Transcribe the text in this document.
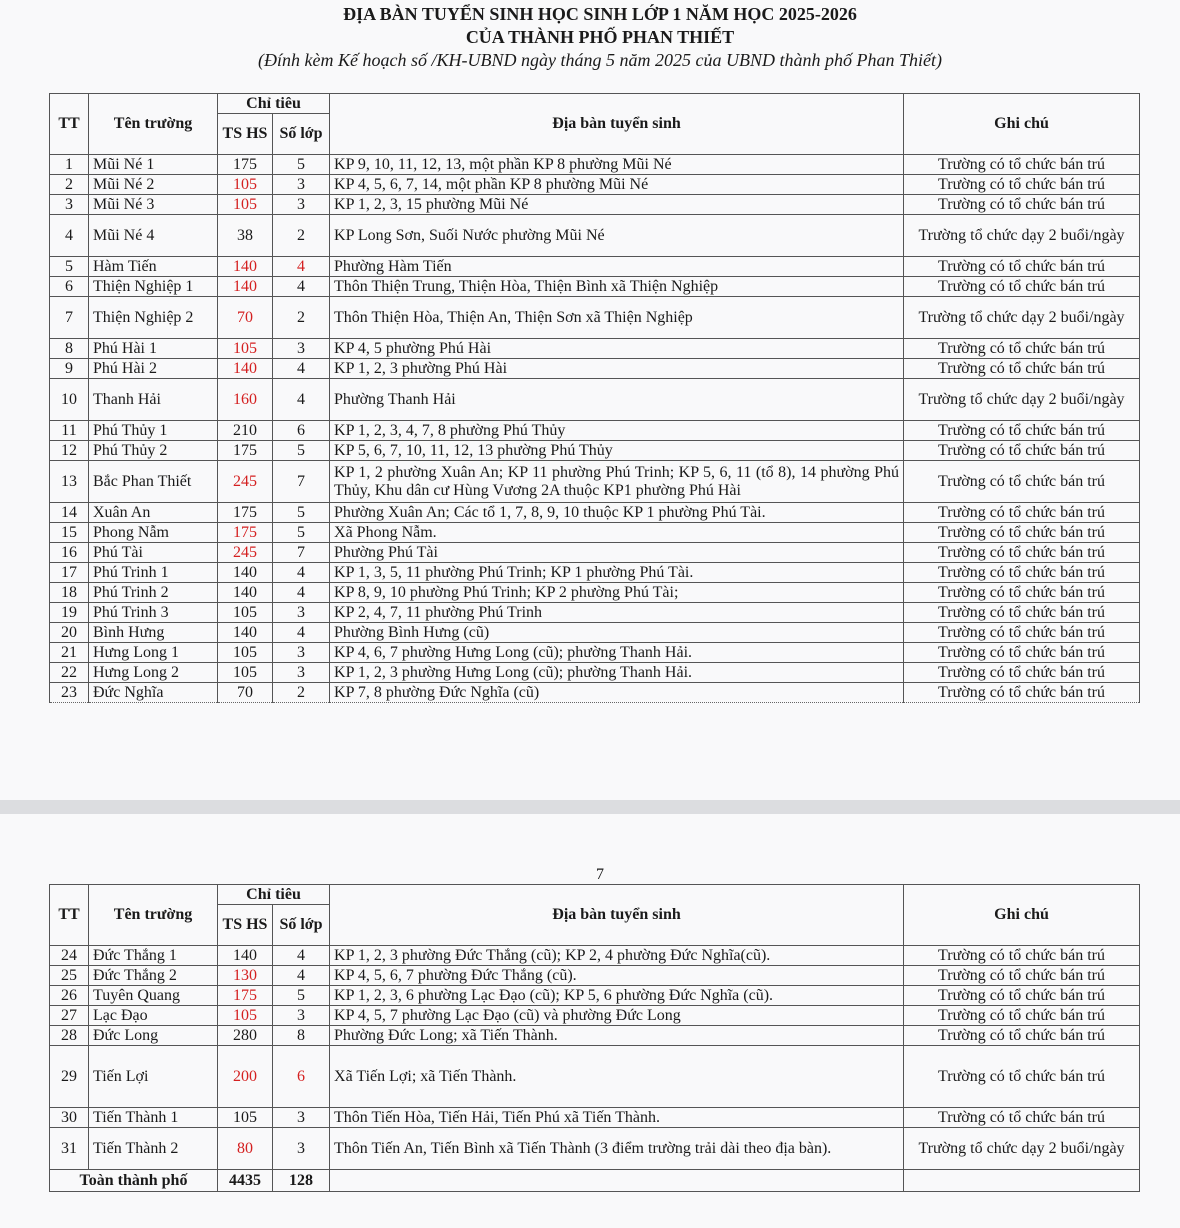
ĐỊA BÀN TUYỂN SINH HỌC SINH LỚP 1 NĂM HỌC 2025-2026
CỦA THÀNH PHỐ PHAN THIẾT
(Đính kèm Kế hoạch số /KH-UBND ngày tháng 5 năm 2025 của UBND thành phố Phan Thiết)
TT	Tên trường	Chỉ tiêu		Địa bàn tuyển sinh	Ghi chú
		TS HS	Số lớp		
1	Mũi Né 1	175	5	KP 9, 10, 11, 12, 13, một phần KP 8 phường Mũi Né	Trường có tổ chức bán trú
2	Mũi Né 2	105	3	KP 4, 5, 6, 7, 14, một phần KP 8 phường Mũi Né	Trường có tổ chức bán trú
3	Mũi Né 3	105	3	KP 1, 2, 3, 15 phường Mũi Né	Trường có tổ chức bán trú
4	Mũi Né 4	38	2	KP Long Sơn, Suối Nước phường Mũi Né	Trường tổ chức dạy 2 buổi/ngày
5	Hàm Tiến	140	4	Phường Hàm Tiến	Trường có tổ chức bán trú
6	Thiện Nghiệp 1	140	4	Thôn Thiện Trung, Thiện Hòa, Thiện Bình xã Thiện Nghiệp	Trường có tổ chức bán trú
7	Thiện Nghiệp 2	70	2	Thôn Thiện Hòa, Thiện An, Thiện Sơn xã Thiện Nghiệp	Trường tổ chức dạy 2 buổi/ngày
8	Phú Hài 1	105	3	KP 4, 5 phường Phú Hài	Trường có tổ chức bán trú
9	Phú Hài 2	140	4	KP 1, 2, 3 phường Phú Hài	Trường có tổ chức bán trú
10	Thanh Hải	160	4	Phường Thanh Hải	Trường tổ chức dạy 2 buổi/ngày
11	Phú Thủy 1	210	6	KP 1, 2, 3, 4, 7, 8 phường Phú Thủy	Trường có tổ chức bán trú
12	Phú Thủy 2	175	5	KP 5, 6, 7, 10, 11, 12, 13 phường Phú Thủy	Trường có tổ chức bán trú
13	Bắc Phan Thiết	245	7	KP 1, 2 phường Xuân An; KP 11 phường Phú Trinh; KP 5, 6, 11 (tổ 8), 14 phường Phú Thủy, Khu dân cư Hùng Vương 2A thuộc KP1 phường Phú Hài	Trường có tổ chức bán trú
14	Xuân An	175	5	Phường Xuân An; Các tổ 1, 7, 8, 9, 10 thuộc KP 1 phường Phú Tài.	Trường có tổ chức bán trú
15	Phong Nẫm	175	5	Xã Phong Nẫm.	Trường có tổ chức bán trú
16	Phú Tài	245	7	Phường Phú Tài	Trường có tổ chức bán trú
17	Phú Trinh 1	140	4	KP 1, 3, 5, 11 phường Phú Trinh; KP 1 phường Phú Tài.	Trường có tổ chức bán trú
18	Phú Trinh 2	140	4	KP 8, 9, 10 phường Phú Trinh; KP 2 phường Phú Tài;	Trường có tổ chức bán trú
19	Phú Trinh 3	105	3	KP 2, 4, 7, 11 phường Phú Trinh	Trường có tổ chức bán trú
20	Bình Hưng	140	4	Phường Bình Hưng (cũ)	Trường có tổ chức bán trú
21	Hưng Long 1	105	3	KP 4, 6, 7 phường Hưng Long (cũ); phường Thanh Hải.	Trường có tổ chức bán trú
22	Hưng Long 2	105	3	KP 1, 2, 3 phường Hưng Long (cũ); phường Thanh Hải.	Trường có tổ chức bán trú
23	Đức Nghĩa	70	2	KP 7, 8 phường Đức Nghĩa (cũ)	Trường có tổ chức bán trú
7
TT	Tên trường	Chỉ tiêu		Địa bàn tuyển sinh	Ghi chú
		TS HS	Số lớp		
24	Đức Thắng 1	140	4	KP 1, 2, 3 phường Đức Thắng (cũ); KP 2, 4 phường Đức Nghĩa(cũ).	Trường có tổ chức bán trú
25	Đức Thắng 2	130	4	KP 4, 5, 6, 7 phường Đức Thắng (cũ).	Trường có tổ chức bán trú
26	Tuyên Quang	175	5	KP 1, 2, 3, 6 phường Lạc Đạo (cũ); KP 5, 6 phường Đức Nghĩa (cũ).	Trường có tổ chức bán trú
27	Lạc Đạo	105	3	KP 4, 5, 7 phường Lạc Đạo (cũ) và phường Đức Long	Trường có tổ chức bán trú
28	Đức Long	280	8	Phường Đức Long; xã Tiến Thành.	Trường có tổ chức bán trú
29	Tiến Lợi	200	6	Xã Tiến Lợi; xã Tiến Thành.	Trường có tổ chức bán trú
30	Tiến Thành 1	105	3	Thôn Tiến Hòa, Tiến Hải, Tiến Phú xã Tiến Thành.	Trường có tổ chức bán trú
31	Tiến Thành 2	80	3	Thôn Tiến An, Tiến Bình xã Tiến Thành (3 điểm trường trải dài theo địa bàn).	Trường tổ chức dạy 2 buổi/ngày
Toàn thành phố		4435	128		
